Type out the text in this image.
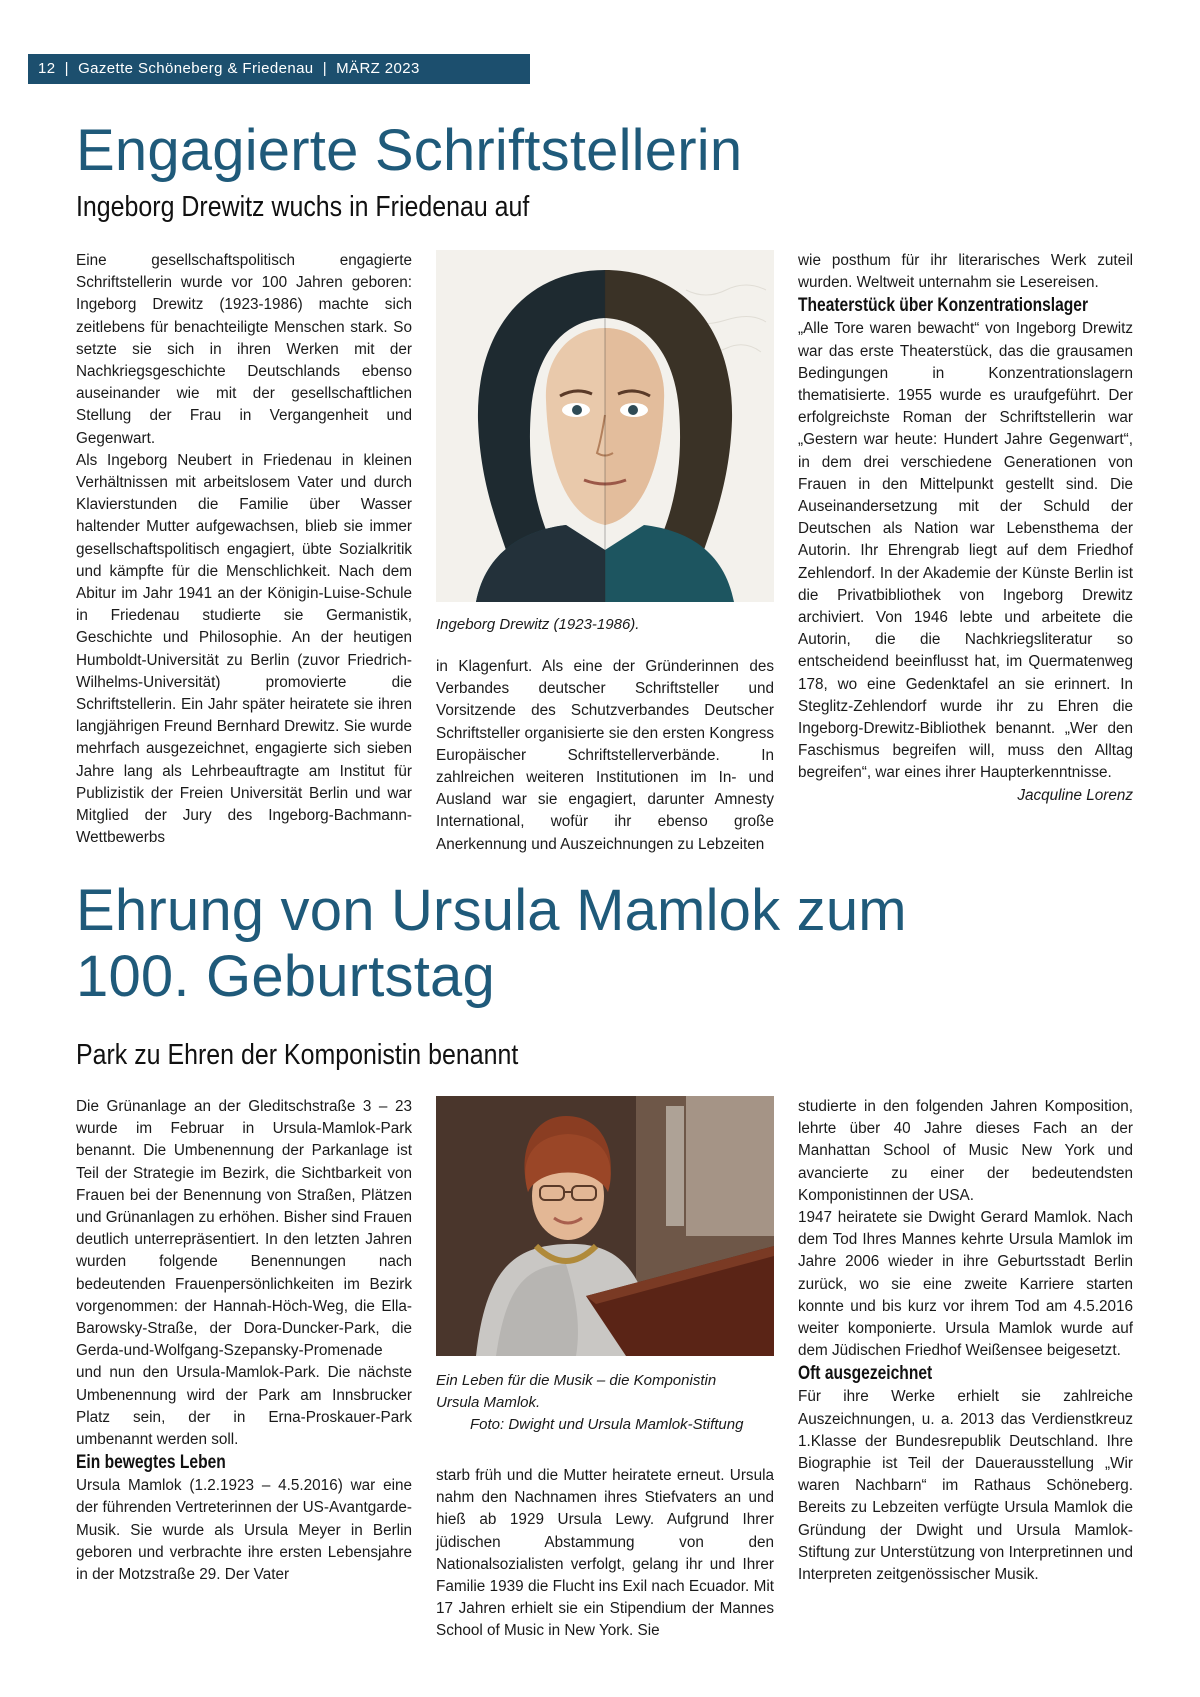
12 | Gazette Schöneberg & Friedenau | MÄRZ 2023
Engagierte Schriftstellerin
Ingeborg Drewitz wuchs in Friedenau auf

Eine gesellschaftspolitisch engagierte Schriftstellerin wurde vor 100 Jahren geboren: Ingeborg Drewitz (1923-1986) machte sich zeitlebens für benachteiligte Menschen stark. So setzte sie sich in ihren Werken mit der Nachkriegsgeschichte Deutschlands ebenso auseinander wie mit der gesellschaftlichen Stellung der Frau in Vergangenheit und Gegenwart.

Als Ingeborg Neubert in Friedenau in kleinen Verhältnissen mit arbeitslosem Vater und durch Klavierstunden die Familie über Wasser haltender Mutter aufgewachsen, blieb sie immer gesellschaftspolitisch engagiert, übte Sozialkritik und kämpfte für die Menschlichkeit. Nach dem Abitur im Jahr 1941 an der Königin-Luise-Schule in Friedenau studierte sie Germanistik, Geschichte und Philosophie. An der heutigen Humboldt-Universität zu Berlin (zuvor Friedrich-Wilhelms-Universität) promovierte die Schriftstellerin. Ein Jahr später heiratete sie ihren langjährigen Freund Bernhard Drewitz. Sie wurde mehrfach ausgezeichnet, engagierte sich sieben Jahre lang als Lehrbeauftragte am Institut für Publizistik der Freien Universität Berlin und war Mitglied der Jury des Ingeborg-Bachmann-Wettbewerbs

Ingeborg Drewitz (1923-1986).

in Klagenfurt. Als eine der Gründerinnen des Verbandes deutscher Schriftsteller und Vorsitzende des Schutzverbandes Deutscher Schriftsteller organisierte sie den ersten Kongress Europäischer Schriftstellerverbände. In zahlreichen weiteren Institutionen im In- und Ausland war sie engagiert, darunter Amnesty International, wofür ihr ebenso große Anerkennung und Auszeichnungen zu Lebzeiten

wie posthum für ihr literarisches Werk zuteil wurden. Weltweit unternahm sie Lesereisen.

Theaterstück über Konzentrationslager

„Alle Tore waren bewacht“ von Ingeborg Drewitz war das erste Theaterstück, das die grausamen Bedingungen in Konzentrationslagern thematisierte. 1955 wurde es uraufgeführt. Der erfolgreichste Roman der Schriftstellerin war „Gestern war heute: Hundert Jahre Gegenwart“, in dem drei verschiedene Generationen von Frauen in den Mittelpunkt gestellt sind. Die Auseinandersetzung mit der Schuld der Deutschen als Nation war Lebensthema der Autorin. Ihr Ehrengrab liegt auf dem Friedhof Zehlendorf. In der Akademie der Künste Berlin ist die Privatbibliothek von Ingeborg Drewitz archiviert. Von 1946 lebte und arbeitete die Autorin, die die Nachkriegsliteratur so entscheidend beeinflusst hat, im Quermatenweg 178, wo eine Gedenktafel an sie erinnert. In Steglitz-Zehlendorf wurde ihr zu Ehren die Ingeborg-Drewitz-Bibliothek benannt. „Wer den Faschismus begreifen will, muss den Alltag begreifen“, war eines ihrer Haupterkenntnisse.

Jacquline Lorenz

Ehrung von Ursula Mamlok zum
100. Geburtstag
Park zu Ehren der Komponistin benannt

Die Grünanlage an der Gleditschstraße 3 – 23 wurde im Februar in Ursula-Mamlok-Park benannt. Die Umbenennung der Parkanlage ist Teil der Strategie im Bezirk, die Sichtbarkeit von Frauen bei der Benennung von Straßen, Plätzen und Grünanlagen zu erhöhen. Bisher sind Frauen deutlich unterrepräsentiert. In den letzten Jahren wurden folgende Benennungen nach bedeutenden Frauenpersönlichkeiten im Bezirk vorgenommen: der Hannah-Höch-Weg, die Ella-Barowsky-Straße, der Dora-Duncker-Park, die Gerda-und-Wolfgang-Szepansky-Promenade und nun den Ursula-Mamlok-Park. Die nächste Umbenennung wird der Park am Innsbrucker Platz sein, der in Erna-Proskauer-Park umbenannt werden soll.

Ein bewegtes Leben

Ursula Mamlok (1.2.1923 – 4.5.2016) war eine der führenden Vertreterinnen der US-Avantgarde-Musik. Sie wurde als Ursula Meyer in Berlin geboren und verbrachte ihre ersten Lebensjahre in der Motzstraße 29. Der Vater

Ein Leben für die Musik – die Komponistin
Ursula Mamlok.
Foto: Dwight und Ursula Mamlok-Stiftung

starb früh und die Mutter heiratete erneut. Ursula nahm den Nachnamen ihres Stiefvaters an und hieß ab 1929 Ursula Lewy. Aufgrund Ihrer jüdischen Abstammung von den Nationalsozialisten verfolgt, gelang ihr und Ihrer Familie 1939 die Flucht ins Exil nach Ecuador. Mit 17 Jahren erhielt sie ein Stipendium der Mannes School of Music in New York. Sie

studierte in den folgenden Jahren Komposition, lehrte über 40 Jahre dieses Fach an der Manhattan School of Music New York und avancierte zu einer der bedeutendsten Komponistinnen der USA.

1947 heiratete sie Dwight Gerard Mamlok. Nach dem Tod Ihres Mannes kehrte Ursula Mamlok im Jahre 2006 wieder in ihre Geburtsstadt Berlin zurück, wo sie eine zweite Karriere starten konnte und bis kurz vor ihrem Tod am 4.5.2016 weiter komponierte. Ursula Mamlok wurde auf dem Jüdischen Friedhof Weißensee beigesetzt.

Oft ausgezeichnet

Für ihre Werke erhielt sie zahlreiche Auszeichnungen, u. a. 2013 das Verdienstkreuz 1.Klasse der Bundesrepublik Deutschland. Ihre Biographie ist Teil der Dauerausstellung „Wir waren Nachbarn“ im Rathaus Schöneberg. Bereits zu Lebzeiten verfügte Ursula Mamlok die Gründung der Dwight und Ursula Mamlok-Stiftung zur Unterstützung von Interpretinnen und Interpreten zeitgenössischer Musik.
